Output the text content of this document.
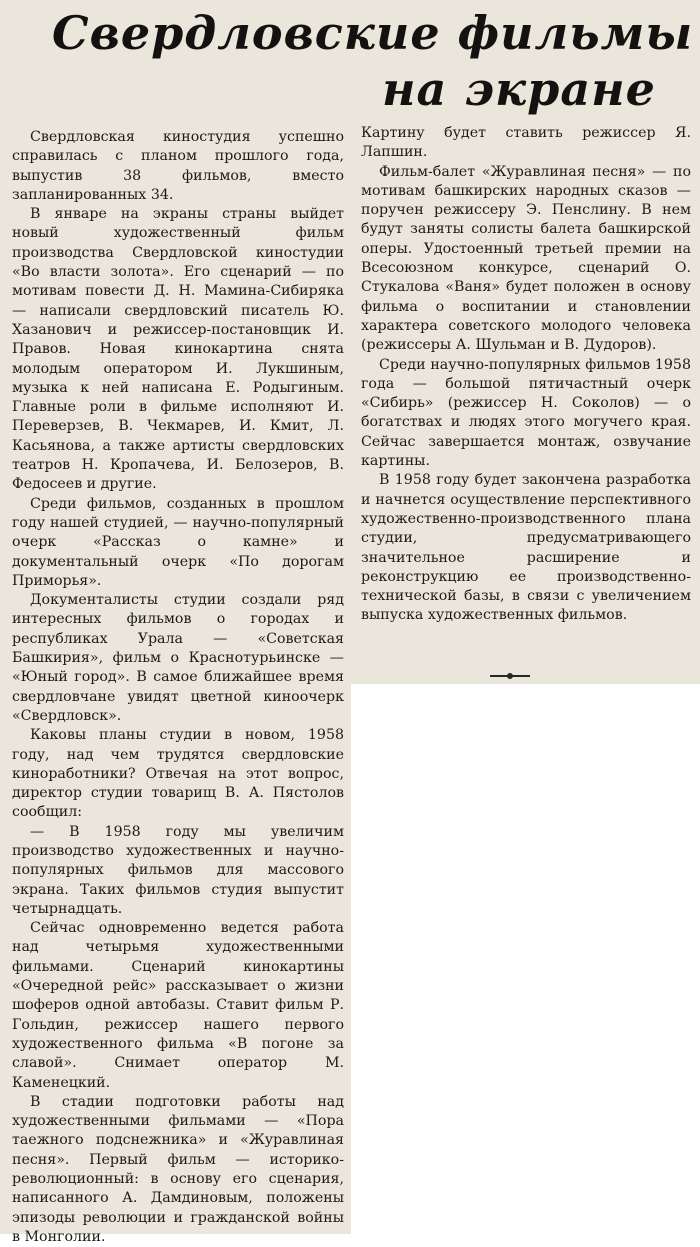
Свердловские фильмы
на экране

Свердловская киностудия успешно справилась с планом прошлого года, выпустив 38 фильмов, вместо запланированных 34.

В январе на экраны страны выйдет новый художественный фильм производства Свердловской киностудии «Во власти золота». Его сценарий — по мотивам повести Д. Н. Мамина-Сибиряка — написали свердловский писатель Ю. Хазанович и режиссер-постановщик И. Правов. Новая кинокартина снята молодым оператором И. Лукшиным, музыка к ней написана Е. Родыгиным. Главные роли в фильме исполняют И. Переверзев, В. Чекмарев, И. Кмит, Л. Касьянова, а также артисты свердловских театров Н. Кропачева, И. Белозеров, В. Федосеев и другие.

Среди фильмов, созданных в прошлом году нашей студией, — научно-популярный очерк «Рассказ о камне» и документальный очерк «По дорогам Приморья».

Документалисты студии создали ряд интересных фильмов о городах и республиках Урала — «Советская Башкирия», фильм о Краснотурьинске — «Юный город». В самое ближайшее время свердловчане увидят цветной кинoочерк «Свердловск».

Каковы планы студии в новом, 1958 году, над чем трудятся свердловские киноработники? Отвечая на этот вопрос, директор студии товарищ В. А. Пястолов сообщил:

— В 1958 году мы увеличим производство художественных и научно-популярных фильмов для массового экрана. Таких фильмов студия выпустит четырнадцать.

Сейчас одновременно ведется работа над четырьмя художественными фильмами. Сценарий кинокартины «Очередной рейс» рассказывает о жизни шоферов одной автобазы. Ставит фильм Р. Гольдин, режиссер нашего первого художественного фильма «В погоне за славой». Снимает оператор М. Каменецкий.

В стадии подготовки работы над художественными фильмами — «Пора таежного подснежника» и «Журавлиная песня». Первый фильм — историко-революционный: в основу его сценария, написанного А. Дамдиновым, положены эпизоды революции и гражданской войны в Монголии.

Картину будет ставить режиссер Я. Лапшин.

Фильм-балет «Журавлиная песня» — по мотивам башкирских народных сказов — поручен режиссеру Э. Пенслину. В нем будут заняты солисты балета башкирской оперы. Удостоенный третьей премии на Всесоюзном конкурсе, сценарий О. Стукалова «Ваня» будет положен в основу фильма о воспитании и становлении характера советского молодого человека (режиссеры А. Шульман и В. Дудоров).

Среди научно-популярных фильмов 1958 года — большой пятичастный очерк «Сибирь» (режиссер Н. Соколов) — о богатствах и людях этого могучего края. Сейчас завершается монтаж, озвучание картины.

В 1958 году будет закончена разработка и начнется осуществление перспективного художественно-производственного плана студии, предусматривающего значительное расширение и реконструкцию ее производственно-технической базы, в связи с увеличением выпуска художественных фильмов.
